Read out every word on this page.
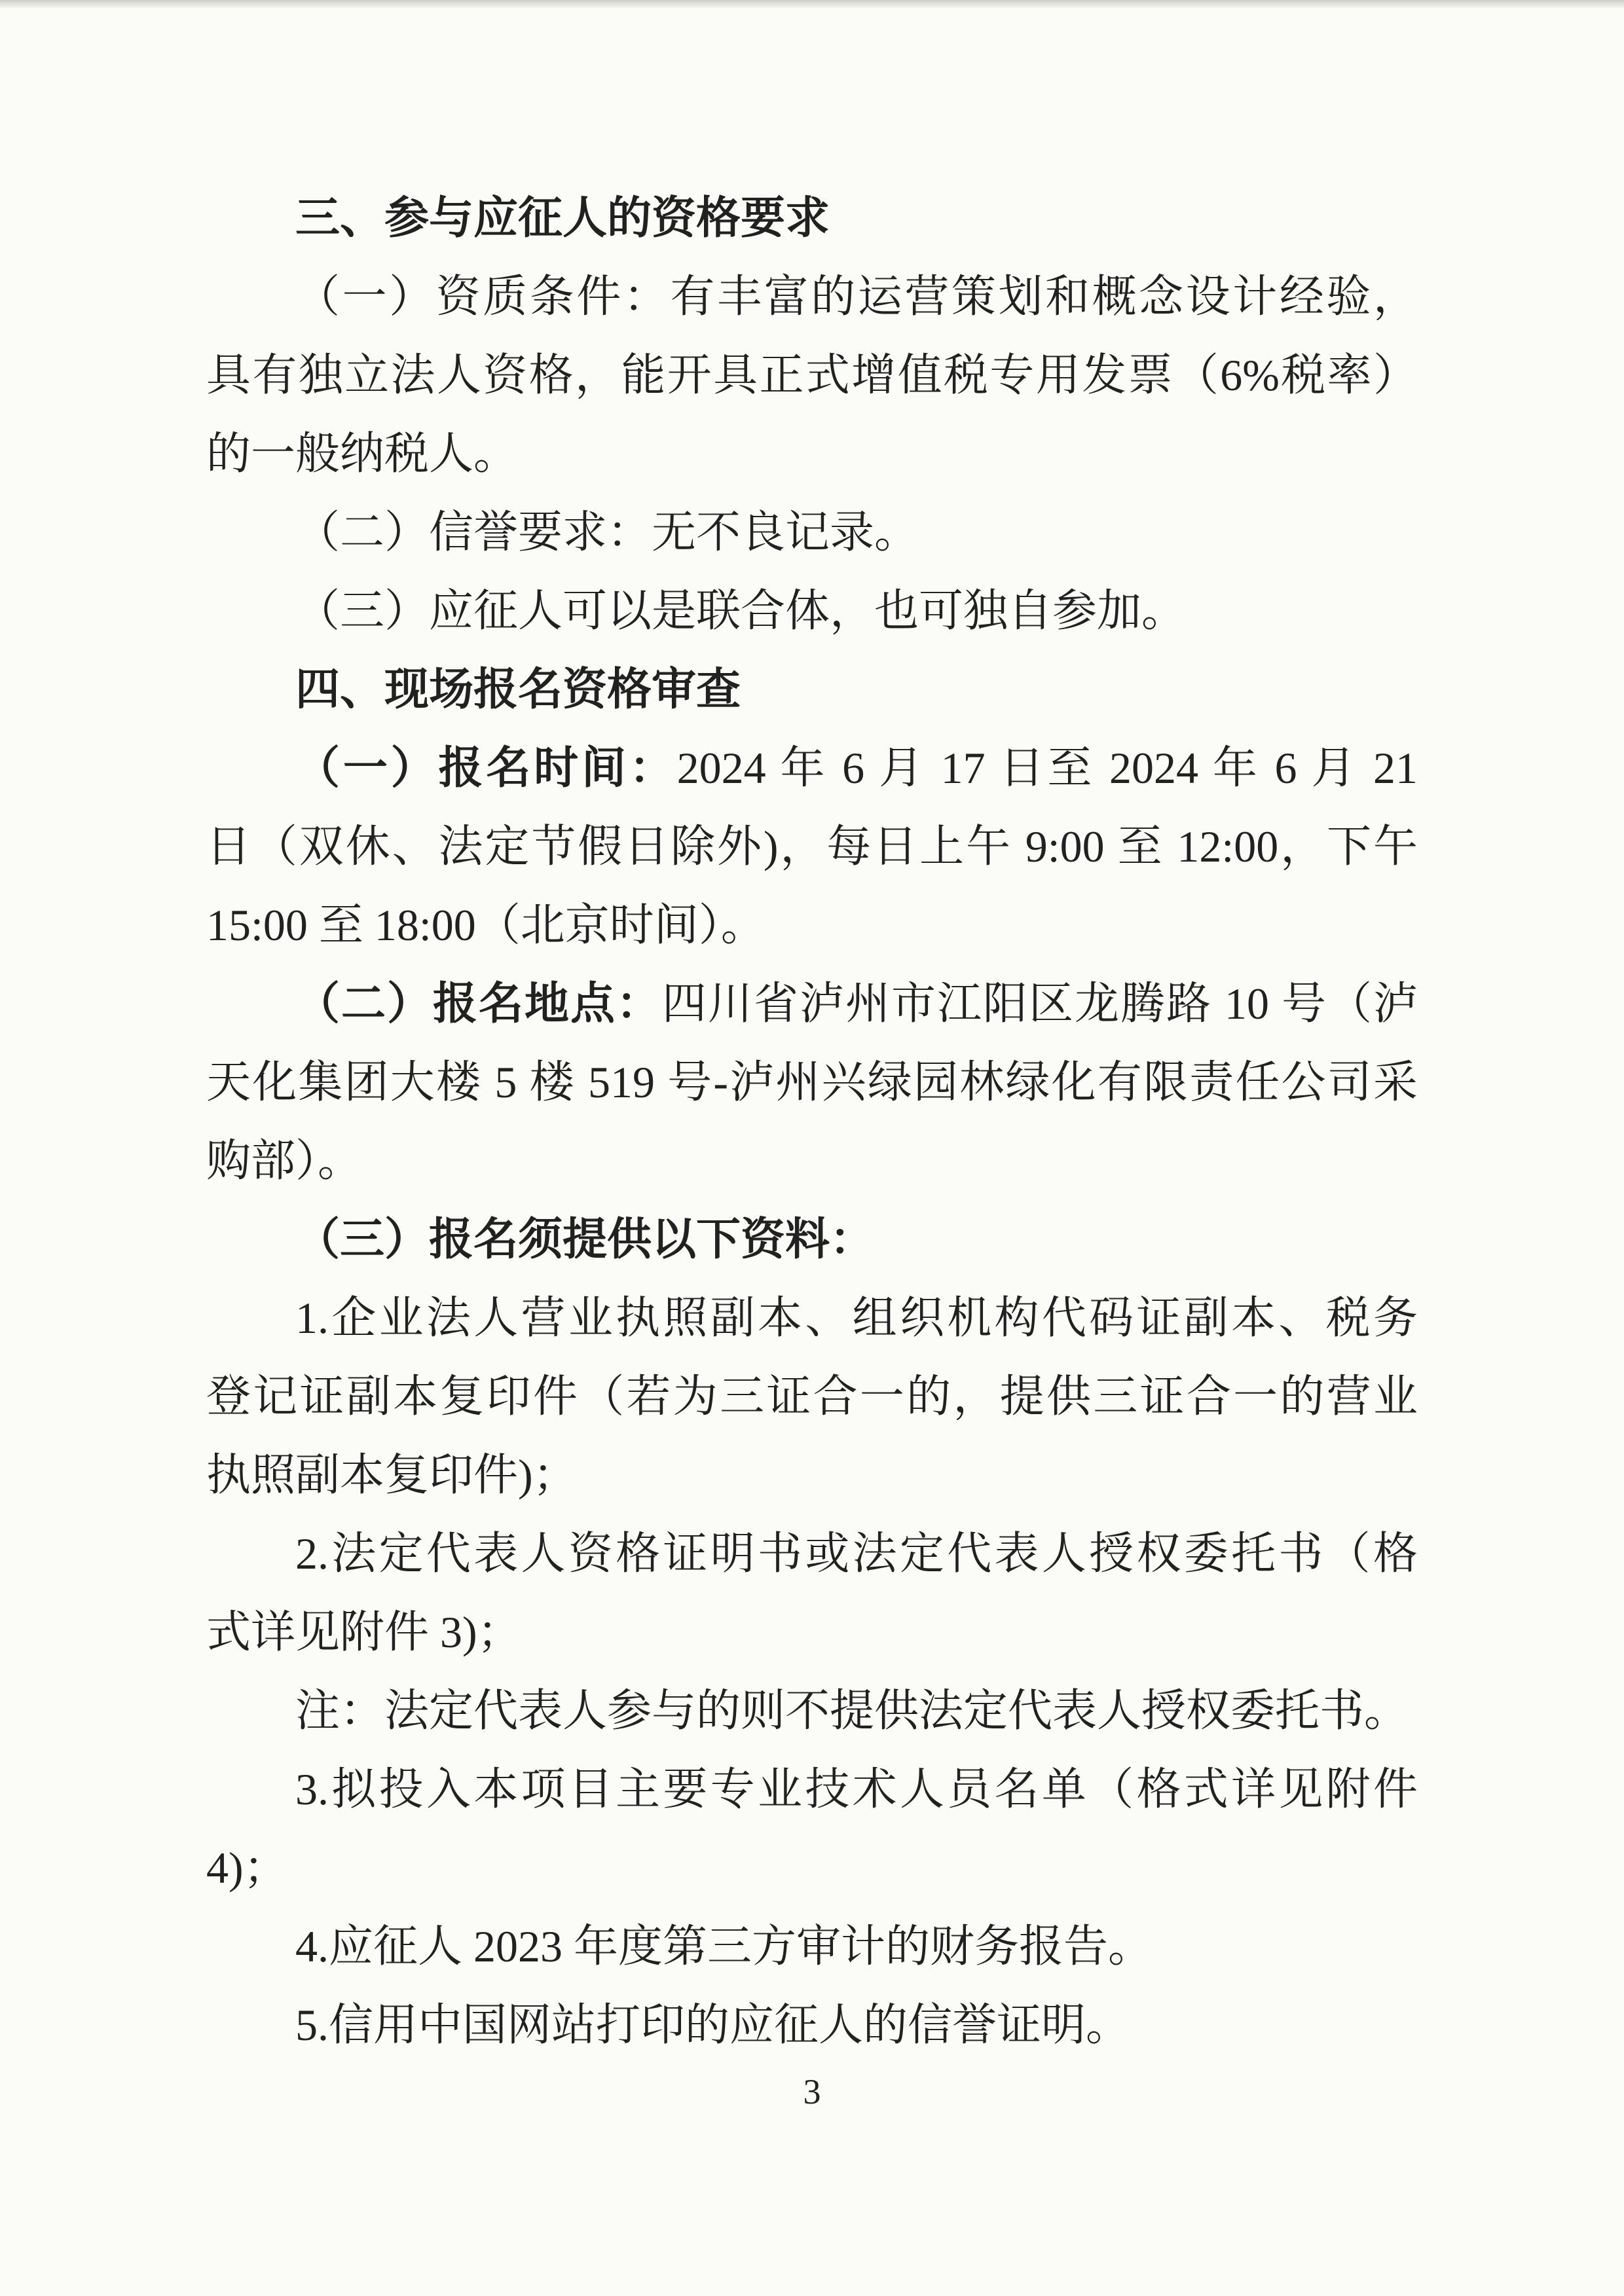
三、参与应征人的资格要求
（一）资质条件：有丰富的运营策划和概念设计经验，
具有独立法人资格，能开具正式增值税专用发票（6%税率）
的一般纳税人。
（二）信誉要求：无不良记录。
（三）应征人可以是联合体，也可独自参加。
四、现场报名资格审查
（一）报名时间：2024 年 6 月 17 日至 2024 年 6 月 21
日（双休、法定节假日除外)，每日上午 9:00 至 12:00，下午
15:00 至 18:00（北京时间）。
（二）报名地点：四川省泸州市江阳区龙腾路 10 号（泸
天化集团大楼 5 楼 519 号-泸州兴绿园林绿化有限责任公司采
购部）。
（三）报名须提供以下资料：
1.企业法人营业执照副本、组织机构代码证副本、税务
登记证副本复印件（若为三证合一的，提供三证合一的营业
执照副本复印件)；
2.法定代表人资格证明书或法定代表人授权委托书（格
式详见附件 3)；
注：法定代表人参与的则不提供法定代表人授权委托书。
3.拟投入本项目主要专业技术人员名单（格式详见附件
4)；
4.应征人 2023 年度第三方审计的财务报告。
5.信用中国网站打印的应征人的信誉证明。
3
